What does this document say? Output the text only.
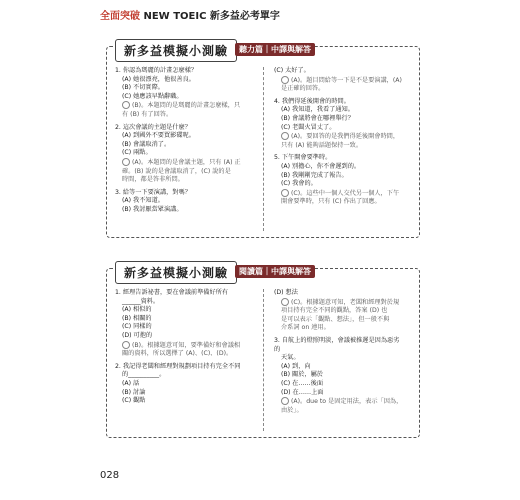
全面突破 NEW TOEIC 新多益必考單字
新多益模擬小測驗	聽力篇｜中譯與解答
1. 你認為瑪麗的計畫怎麼樣？
(A) 她很漂亮，他很善良。
(B) 不切實際。
(C) 她應該早點辭職。
(B)。本題問的是瑪麗的計畫怎麼樣，只
有 (B) 有了回答。
2. 這次會議的主題是什麼？
(A) 到國外不要買影碟呢。
(B) 會議取消了。
(C) 兩點。
(A)。本題問的是會議主題，只有 (A) 正
確。(B) 說的是會議取消了，(C) 說的是
時間，都是答非所問。
3. 給等一下要演講，對嗎？
(A) 我不知道。
(B) 我討厭當眾演講。
(C) 太好了。
(A)。題目問給等一下是不是要演講，(A)
是正確的回答。
4. 我們得延後開會的時間。
(A) 我知道，我看了通知。
(B) 會議將會在哪裡舉行？
(C) 老闆火冒丈了。
(A)。要回答的是我們得延後開會時間，
只有 (A) 能夠話題保持一致。
5. 下午開會要準時。
(A) 別擔心，你不會遲到的。
(B) 我剛剛完成了報告。
(C) 我會的。
(C)。這些中一個人交代另一個人，下午
開會要準時，只有 (C) 作出了回應。
新多益模擬小測驗	閱讀篇｜中譯與解答
1. 經理告訴祕書，要在會議前準備好所有
______資料。
(A) 相似的
(B) 相關的
(C) 同樣的
(D) 可抱的
(B)。根據題意可知，要準備好和會議相
關的資料，所以選擇了 (A)、(C)、(D)。
2. 我記得老闆和經理對規劃項目持有完全不同
的__________。
(A) 話
(B) 討論
(C) 觀點
(D) 想法
(C)。根據題意可知，老闆和經理對於規
項目持有完全不同的觀點，答案 (D) 也
是可以表示「觀點、想法」，但一般不與
介系詞 on 連用。
3. 自航上的燈照明淡，會議被推遲是因為惡劣的
天氣。
(A) 到，向
(B) 關於，屬於
(C) 在……後面
(D) 在……上面
(A)。due to 是固定用法，表示「因為，
由於」。
028
